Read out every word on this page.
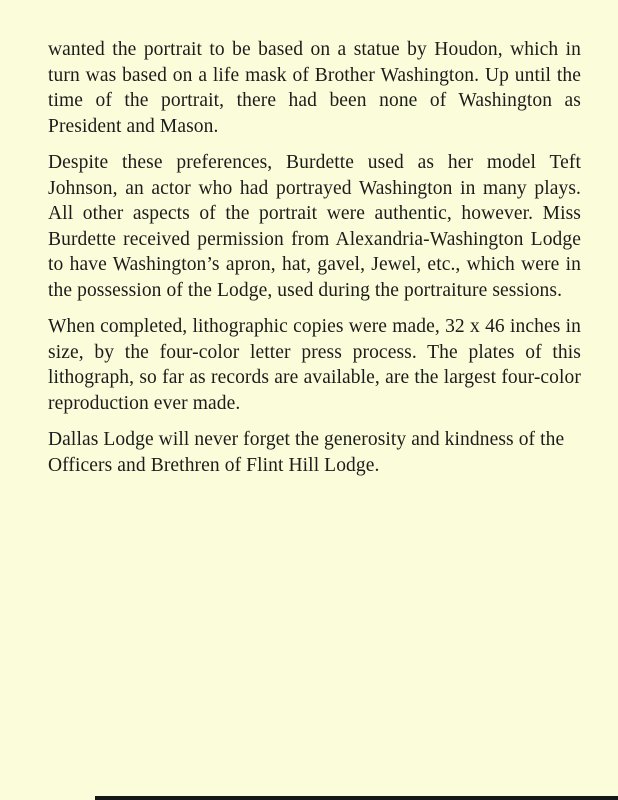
wanted the portrait to be based on a statue by Houdon, which in turn was based on a life mask of Brother Washington. Up until the time of the portrait, there had been none of Washington as President and Mason.

Despite these preferences, Burdette used as her model Teft Johnson, an actor who had portrayed Washington in many plays. All other aspects of the portrait were authentic, however. Miss Burdette received permission from Alexandria-Washington Lodge to have Washington’s apron, hat, gavel, Jewel, etc., which were in the possession of the Lodge, used during the portraiture sessions.

When completed, lithographic copies were made, 32 x 46 inches in size, by the four-color letter press process. The plates of this lithograph, so far as records are available, are the largest four-color reproduction ever made.

Dallas Lodge will never forget the generosity and kindness of the Officers and Brethren of Flint Hill Lodge.
